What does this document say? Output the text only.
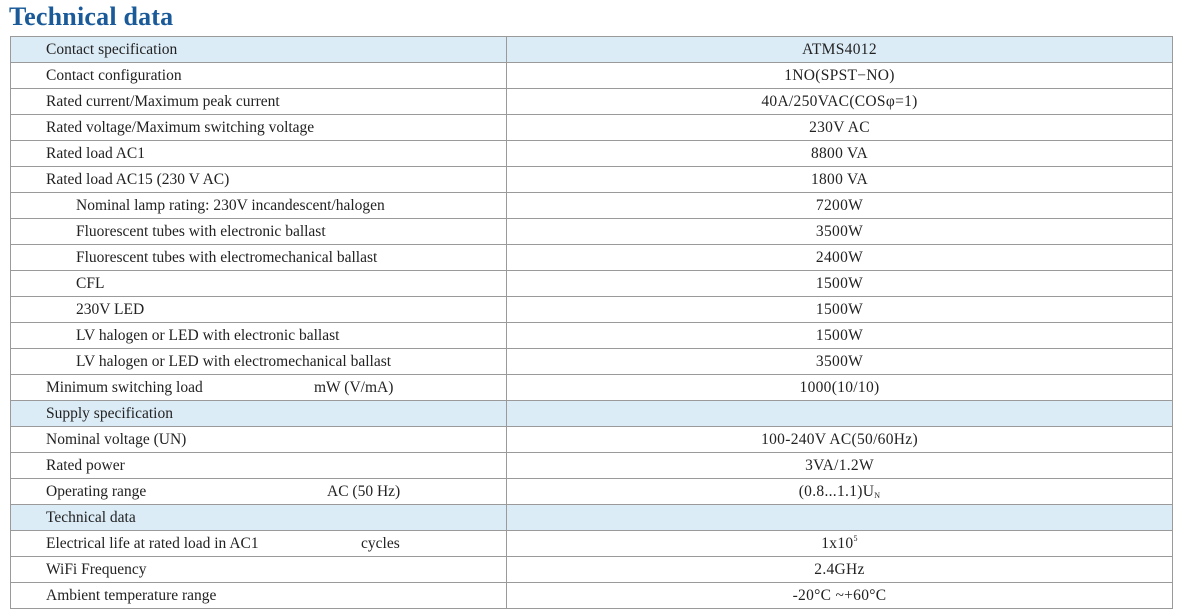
Technical data
Contact specification	ATMS4012
Contact configuration	1NO(SPST−NO)
Rated current/Maximum peak current	40A/250VAC(COSφ=1)
Rated voltage/Maximum switching voltage	230V AC
Rated load AC1	8800 VA
Rated load AC15 (230 V AC)	1800 VA
Nominal lamp rating: 230V incandescent/halogen	7200W
Fluorescent tubes with electronic ballast	3500W
Fluorescent tubes with electromechanical ballast	2400W
CFL	1500W
230V LED	1500W
LV halogen or LED with electronic ballast	1500W
LV halogen or LED with electromechanical ballast	3500W
Minimum switching load mW (V/mA)	1000(10/10)
Supply specification	
Nominal voltage (UN)	100-240V AC(50/60Hz)
Rated power	3VA/1.2W
Operating range AC (50 Hz)	$(0.8...1.1)U_N$
Technical data	
Electrical life at rated load in AC1 cycles	$1x10^5$
WiFi Frequency	2.4GHz
Ambient temperature range	-20°C ~+60°C
